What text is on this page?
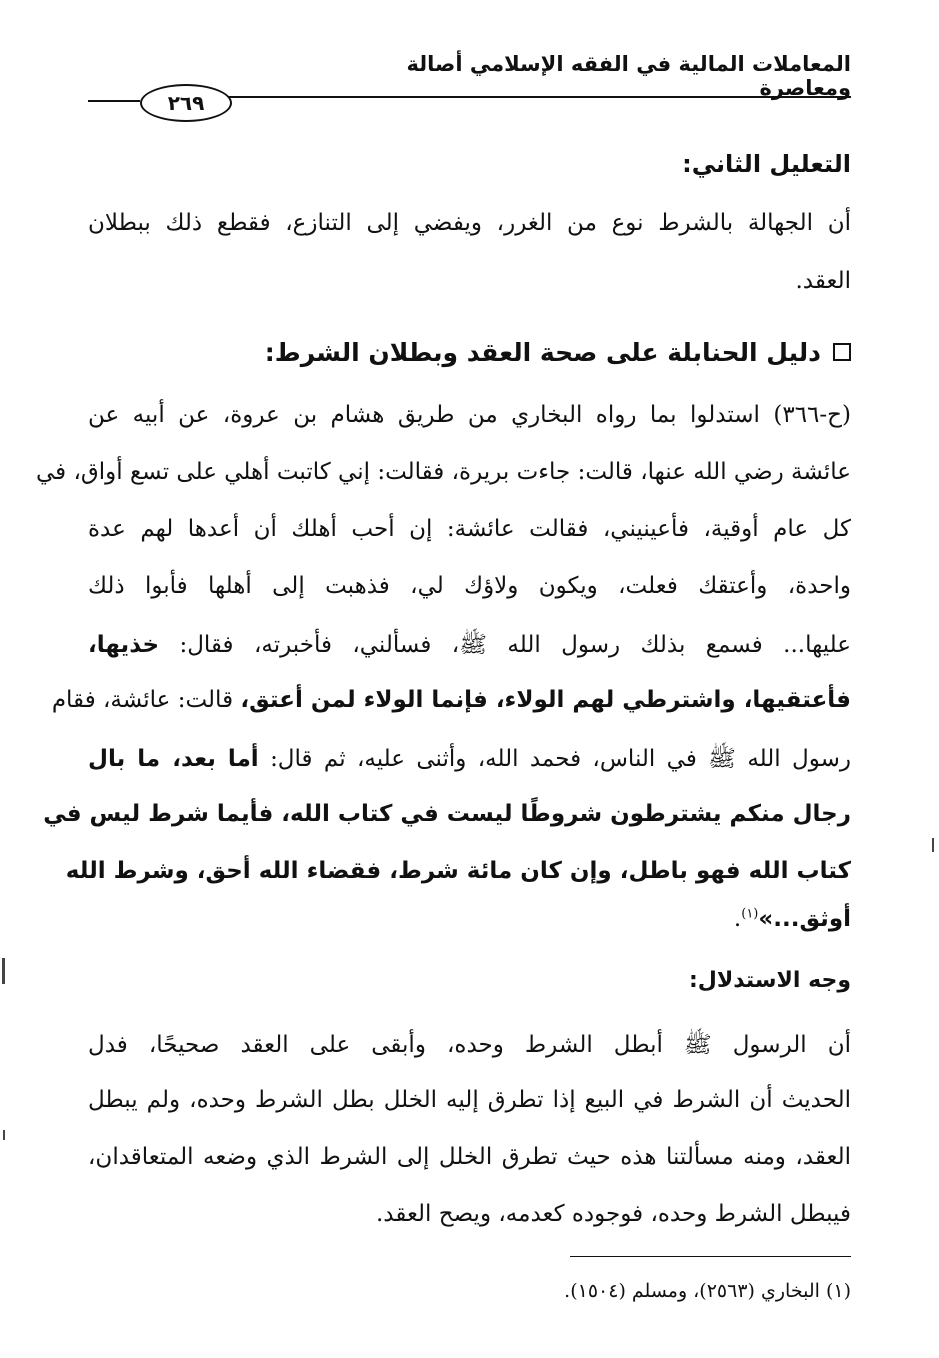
المعاملات المالية في الفقه الإسلامي أصالة ومعاصرة
٢٦٩
التعليل الثاني:
أن الجهالة بالشرط نوع من الغرر، ويفضي إلى التنازع، فقطع ذلك ببطلان
العقد.
دليل الحنابلة على صحة العقد وبطلان الشرط:
(ح-٣٦٦) استدلوا بما رواه البخاري من طريق هشام بن عروة، عن أبيه عن
عائشة رضي الله عنها، قالت: جاءت بريرة، فقالت: إني كاتبت أهلي على تسع أواق، في
كل عام أوقية، فأعينيني، فقالت عائشة: إن أحب أهلك أن أعدها لهم عدة
واحدة، وأعتقك فعلت، ويكون ولاؤك لي، فذهبت إلى أهلها فأبوا ذلك
عليها... فسمع بذلك رسول الله ﷺ، فسألني، فأخبرته، فقال: خذيها،
فأعتقيها، واشترطي لهم الولاء، فإنما الولاء لمن أعتق، قالت: عائشة، فقام
رسول الله ﷺ في الناس، فحمد الله، وأثنى عليه، ثم قال: أما بعد، ما بال
رجال منكم يشترطون شروطًا ليست في كتاب الله، فأيما شرط ليس في
كتاب الله فهو باطل، وإن كان مائة شرط، فقضاء الله أحق، وشرط الله
أوثق...»$^{(١)}$.
وجه الاستدلال:
أن الرسول ﷺ أبطل الشرط وحده، وأبقى على العقد صحيحًا، فدل
الحديث أن الشرط في البيع إذا تطرق إليه الخلل بطل الشرط وحده، ولم يبطل
العقد، ومنه مسألتنا هذه حيث تطرق الخلل إلى الشرط الذي وضعه المتعاقدان،
فيبطل الشرط وحده، فوجوده كعدمه، ويصح العقد.
(١) البخاري (٢٥٦٣)، ومسلم (١٥٠٤).
